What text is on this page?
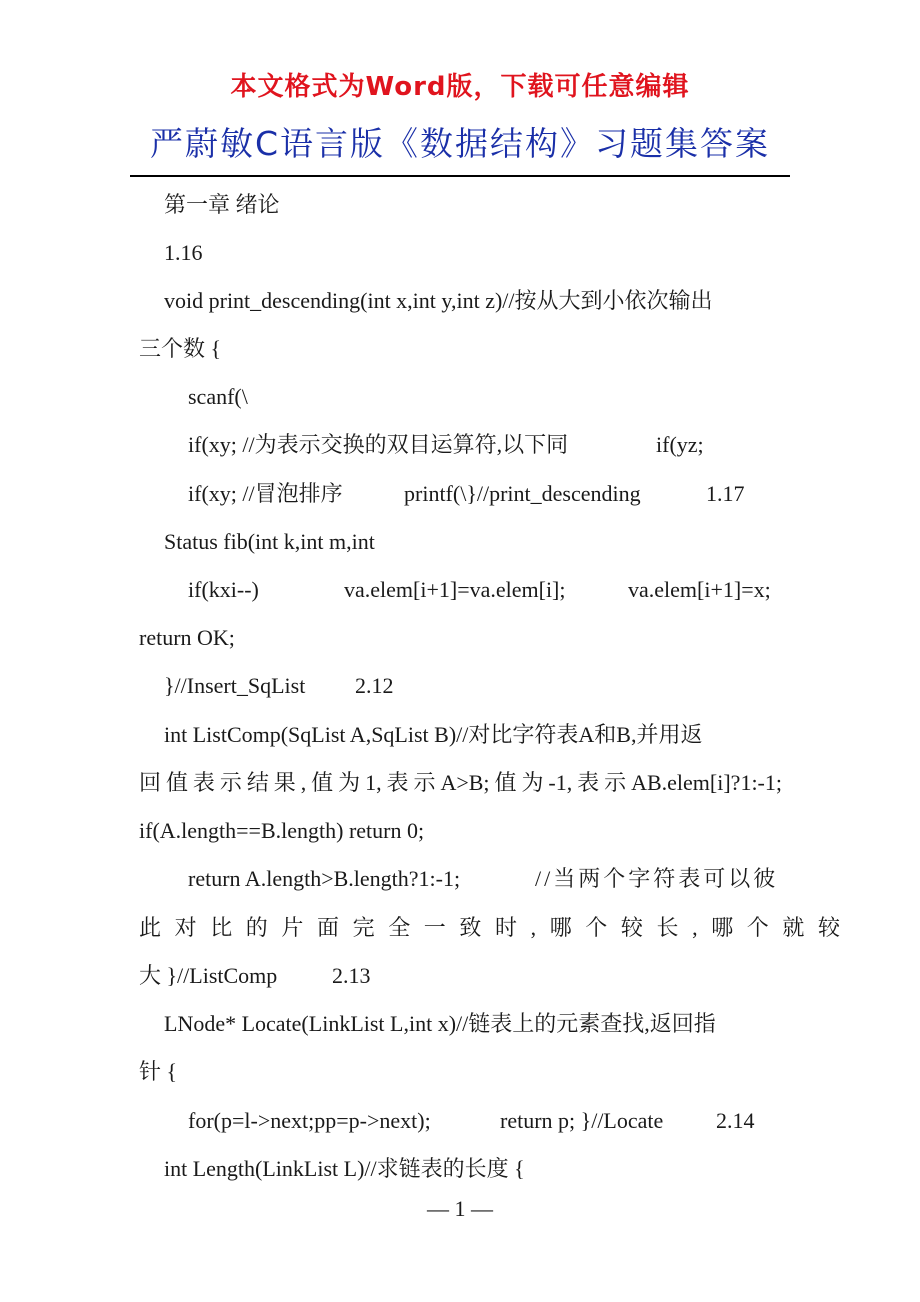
本文格式为Word版，下载可任意编辑
严蔚敏C语言版《数据结构》习题集答案
第一章 绪论
1.16
void print_descending(int x,int y,int z)//按从大到小依次输出
三个数 {
scanf(\
if(xy; //为表示交换的双目运算符,以下同	if(yz;
if(xy; //冒泡排序	printf(\}//print_descending	1.17
Status fib(int k,int m,int
if(kxi--)	va.elem[i+1]=va.elem[i];	va.elem[i+1]=x;
return OK;
}//Insert_SqList 2.12
int ListComp(SqList A,SqList B)//对比字符表A和B,并用返
回值表示结果,值为1,表示A>B;值为-1,表示AB.elem[i]?1:-1;
if(A.length==B.length) return 0;
return A.length>B.length?1:-1;	//当两个字符表可以彼
此对比的片面完全一致时,哪个较长,哪个就较
大 }//ListComp 2.13
LNode* Locate(LinkList L,int x)//链表上的元素查找,返回指
针 {
for(p=l->next;pp=p->next);	return p; }//Locate 2.14
int Length(LinkList L)//求链表的长度 {
— 1 —
